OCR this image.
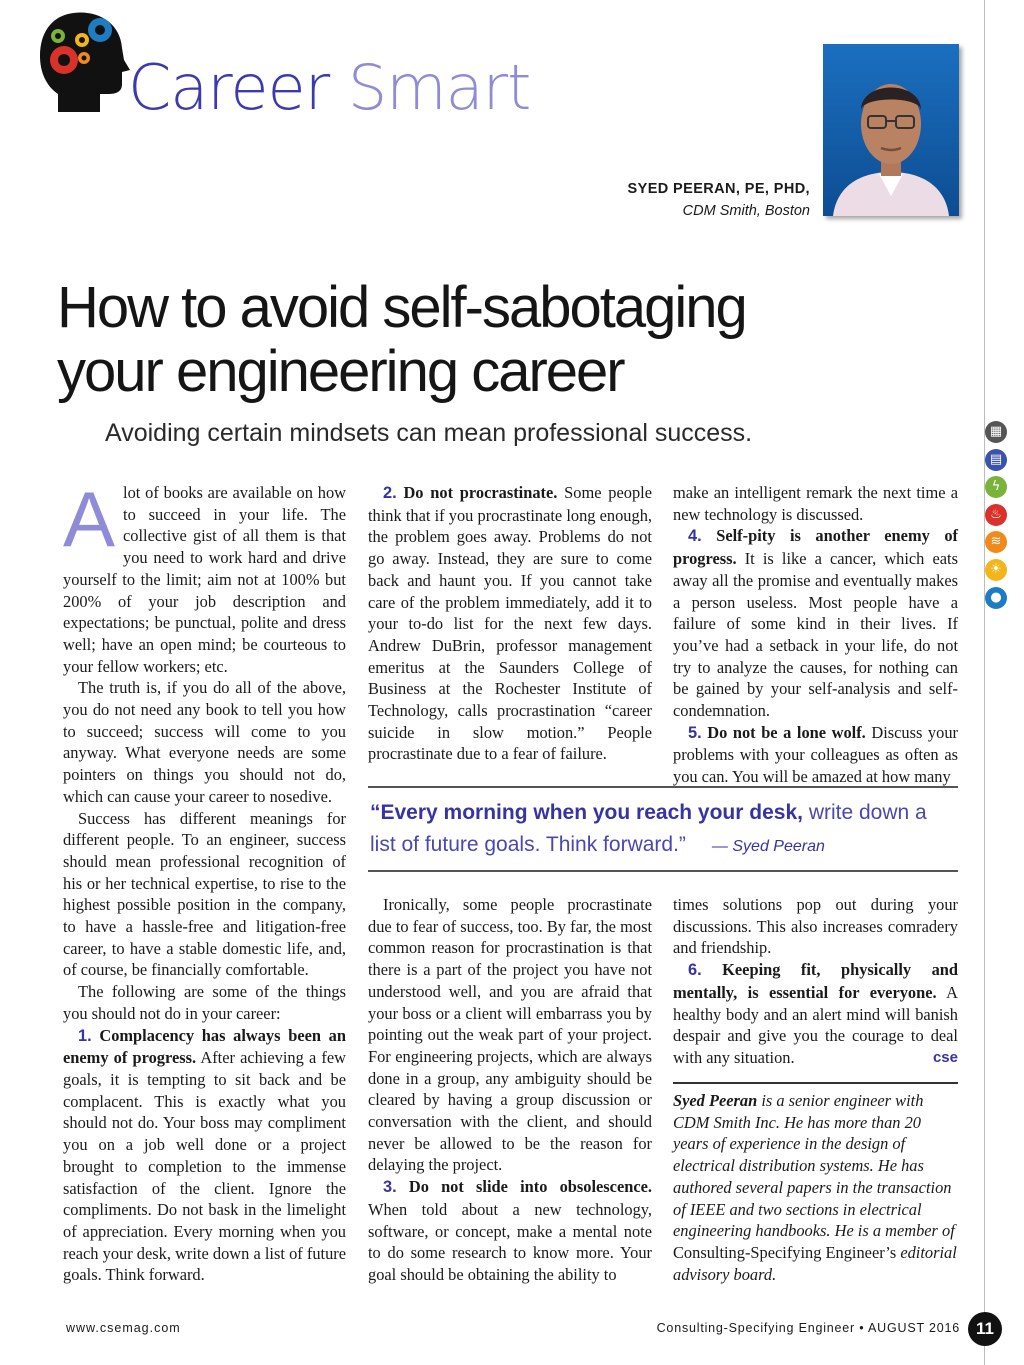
Career Smart
SYED PEERAN, PE, PHD,
CDM Smith, Boston
How to avoid self-sabotaging
your engineering career
Avoiding certain mindsets can mean professional success.

Alot of books are available on how to succeed in your life. The collective gist of all them is that you need to work hard and drive yourself to the limit; aim not at 100% but 200% of your job description and expectations; be punctual, polite and dress well; have an open mind; be courteous to your fellow workers; etc.

The truth is, if you do all of the above, you do not need any book to tell you how to succeed; success will come to you anyway. What everyone needs are some pointers on things you should not do, which can cause your career to nosedive.

Success has different meanings for different people. To an engineer, success should mean professional recognition of his or her technical expertise, to rise to the highest possible position in the company, to have a hassle-free and litigation-free career, to have a stable domestic life, and, of course, be financially comfortable.

The following are some of the things you should not do in your career:

1. Complacency has always been an enemy of progress. After achieving a few goals, it is tempting to sit back and be complacent. This is exactly what you should not do. Your boss may compliment you on a job well done or a project brought to completion to the immense satisfaction of the client. Ignore the compliments. Do not bask in the limelight of appreciation. Every morning when you reach your desk, write down a list of future goals. Think forward.

2. Do not procrastinate. Some people think that if you procrastinate long enough, the problem goes away. Problems do not go away. Instead, they are sure to come back and haunt you. If you cannot take care of the problem immediately, add it to your to-do list for the next few days. Andrew DuBrin, professor management emeritus at the Saunders College of Business at the Rochester Institute of Technology, calls procrastination “career suicide in slow motion.” People procrastinate due to a fear of failure.

make an intelligent remark the next time a new technology is discussed.

4. Self-pity is another enemy of progress. It is like a cancer, which eats away all the promise and eventually makes a person useless. Most people have a failure of some kind in their lives. If you’ve had a setback in your life, do not try to analyze the causes, for nothing can be gained by your self-analysis and self-condemnation.

5. Do not be a lone wolf. Discuss your problems with your colleagues as often as you can. You will be amazed at how many

“Every morning when you reach your desk, write down a list of future goals. Think forward.” — Syed Peeran

Ironically, some people procrastinate due to fear of success, too. By far, the most common reason for procrastination is that there is a part of the project you have not understood well, and you are afraid that your boss or a client will embarrass you by pointing out the weak part of your project. For engineering projects, which are always done in a group, any ambiguity should be cleared by having a group discussion or conversation with the client, and should never be allowed to be the reason for delaying the project.

3. Do not slide into obsolescence. When told about a new technology, software, or concept, make a mental note to do some research to know more. Your goal should be obtaining the ability to

times solutions pop out during your discussions. This also increases comradery and friendship.

6. Keeping fit, physically and mentally, is essential for everyone. A healthy body and an alert mind will banish despair and give you the courage to deal with any situation.	cse

Syed Peeran is a senior engineer with CDM Smith Inc. He has more than 20 years of experience in the design of electrical distribution systems. He has authored several papers in the transaction of IEEE and two sections in electrical engineering handbooks. He is a member of Consulting-Specifying Engineer’s editorial advisory board.
▦
▤
ϟ
♨
≋
☀
●
www.csemag.com	Consulting-Specifying Engineer • AUGUST 2016 11
